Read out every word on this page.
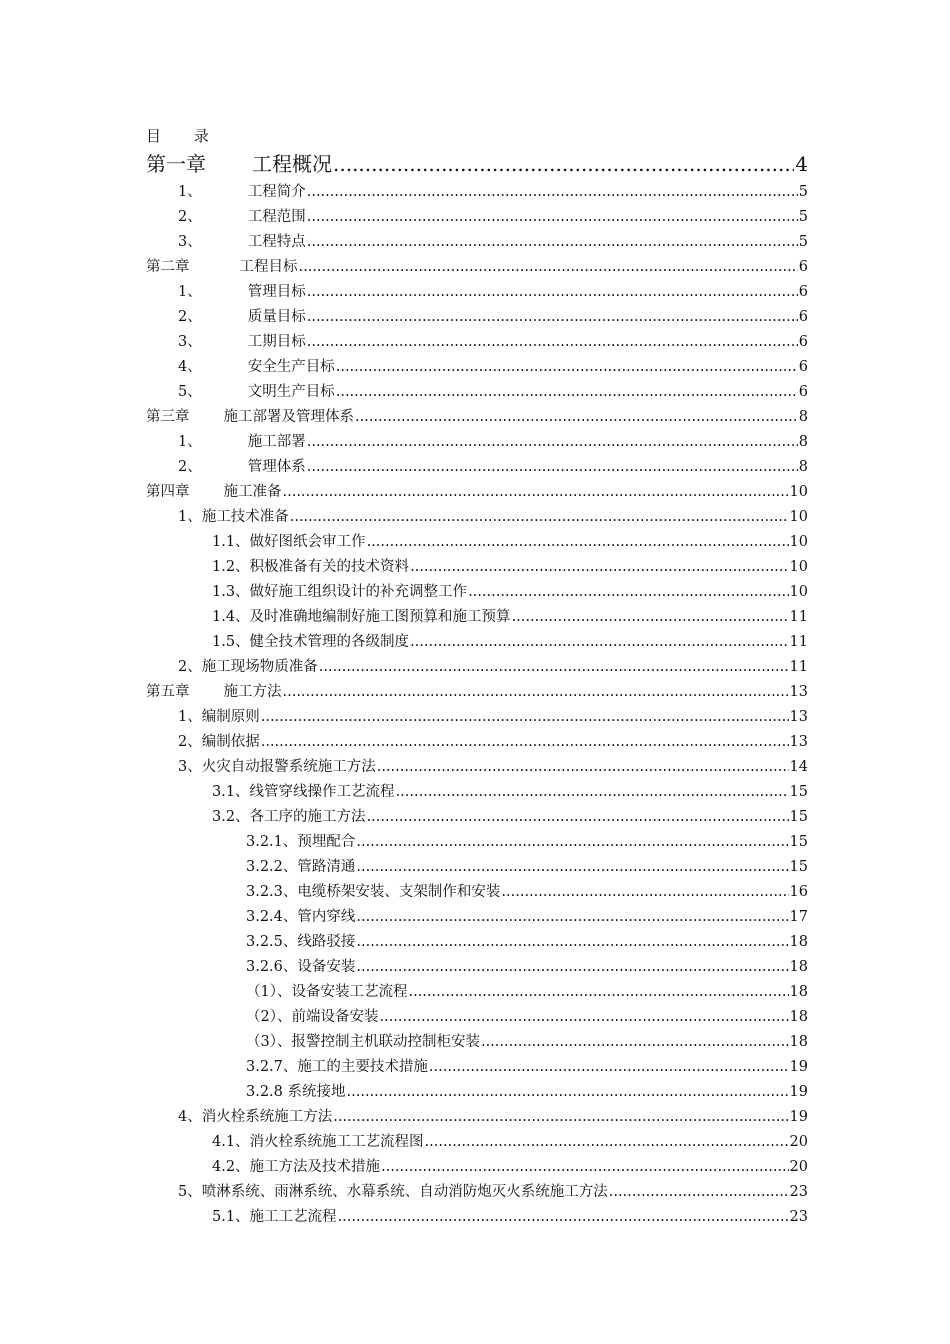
目 录
第一章 工程概况 .....	4
1、	工程简介 .....	5
2、	工程范围 .....	5
3、	工程特点 .....	5
第二章	工程目标 .....	6
1、	管理目标 .....	6
2、	质量目标 .....	6
3、	工期目标 .....	6
4、	安全生产目标 .....	6
5、	文明生产目标 .....	6
第三章 施工部署及管理体系 .....	8
1、	施工部署 .....	8
2、	管理体系 .....	8
第四章 施工准备 .....	10
1、施工技术准备 .....	10
1.1、做好图纸会审工作 .....	10
1.2、积极准备有关的技术资料 .....	10
1.3、做好施工组织设计的补充调整工作 .....	10
1.4、及时准确地编制好施工图预算和施工预算 .....	11
1.5、健全技术管理的各级制度 .....	11
2、施工现场物质准备 .....	11
第五章 施工方法 .....	13
1、编制原则 .....	13
2、编制依据 .....	13
3、火灾自动报警系统施工方法 .....	14
3.1、线管穿线操作工艺流程 .....	15
3.2、各工序的施工方法 .....	15
3.2.1、预埋配合 .....	15
3.2.2、管路清通 .....	15
3.2.3、电缆桥架安装、支架制作和安装 .....	16
3.2.4、管内穿线 .....	17
3.2.5、线路驳接 .....	18
3.2.6、设备安装 .....	18
（1）、设备安装工艺流程 .....	18
（2）、前端设备安装 .....	18
（3）、报警控制主机联动控制柜安装 .....	18
3.2.7、施工的主要技术措施 .....	19
3.2.8 系统接地 .....	19
4、消火栓系统施工方法 .....	19
4.1、消火栓系统施工工艺流程图 .....	20
4.2、施工方法及技术措施 .....	20
5、喷淋系统、雨淋系统、水幕系统、自动消防炮灭火系统施工方法 .....	23
5.1、施工工艺流程 .....	23
